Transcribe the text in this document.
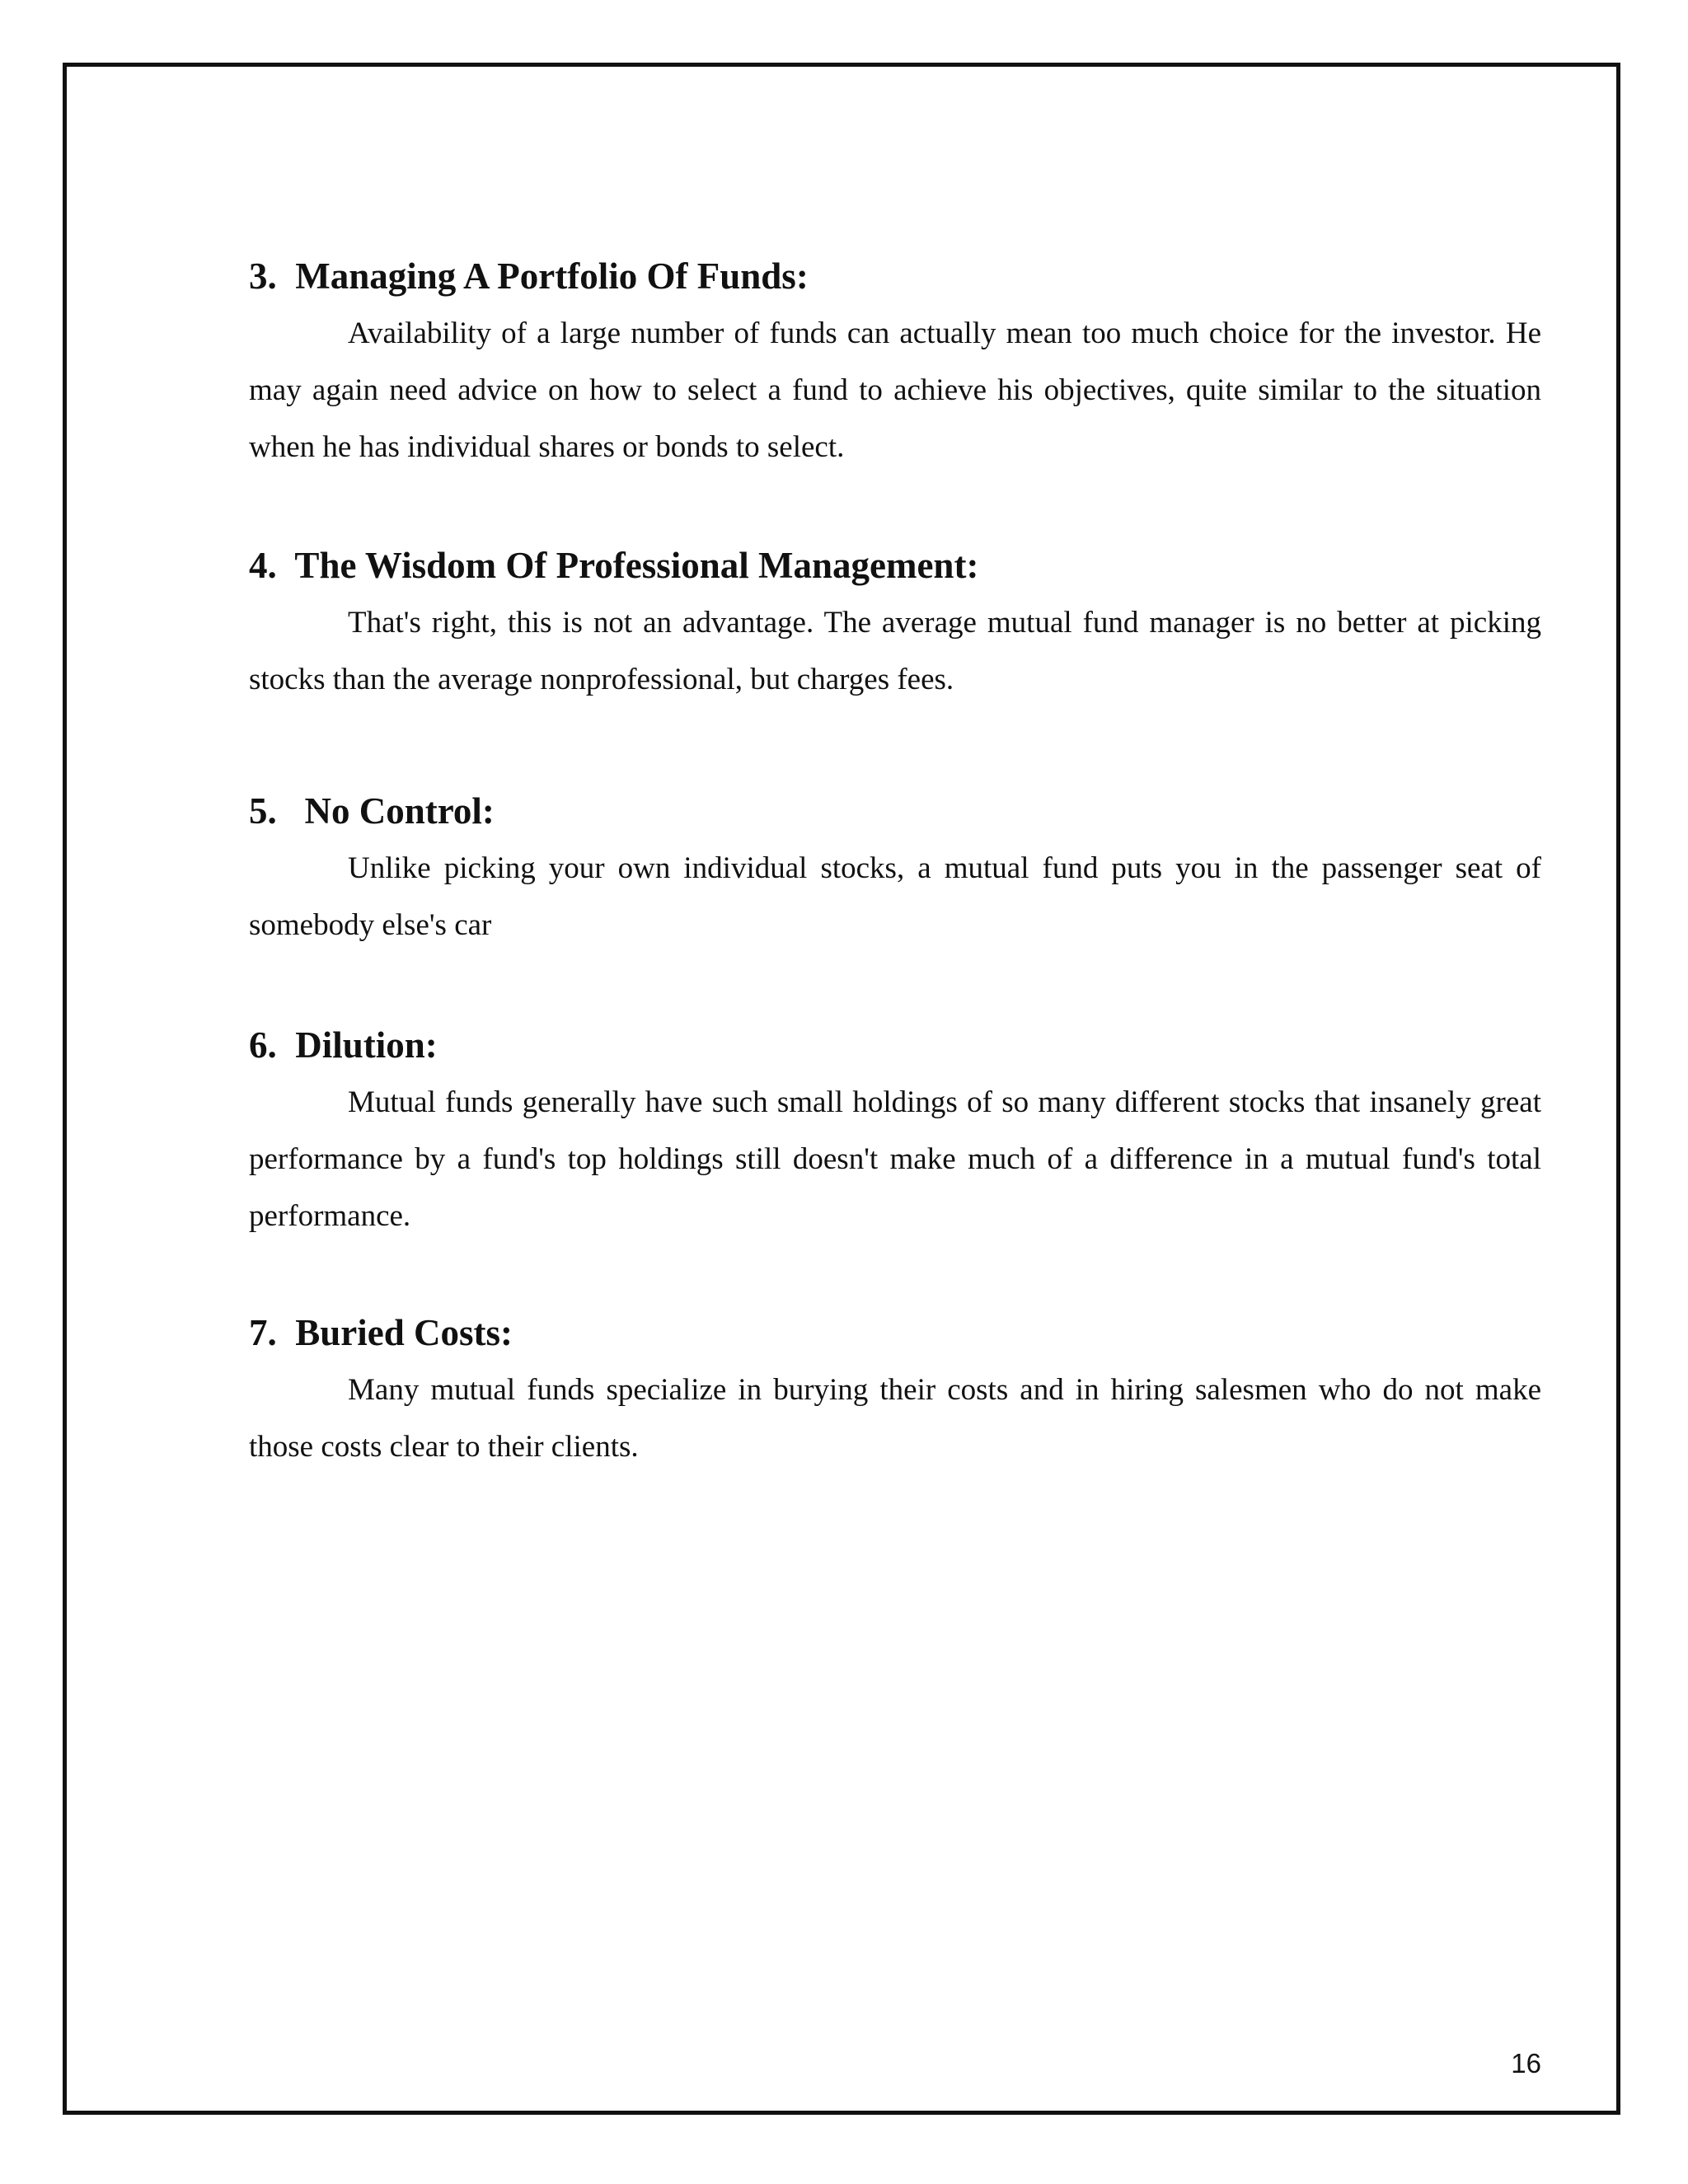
3.  Managing A Portfolio Of Funds:

Availability of a large number of funds can actually mean too much choice for the investor. He may again need advice on how to select a fund to achieve his objectives, quite similar to the situation when he has individual shares or bonds to select.

4.  The Wisdom Of Professional Management:

That's right, this is not an advantage. The average mutual fund manager is no better at picking stocks than the average nonprofessional, but charges fees.

5.   No Control:

Unlike picking your own individual stocks, a mutual fund puts you in the passenger seat of somebody else's car

6.  Dilution:

Mutual funds generally have such small holdings of so many different stocks that insanely great performance by a fund's top holdings still doesn't make much of a difference in a mutual fund's total performance.

7.  Buried Costs:

Many mutual funds specialize in burying their costs and in hiring salesmen who do not make those costs clear to their clients.

16
